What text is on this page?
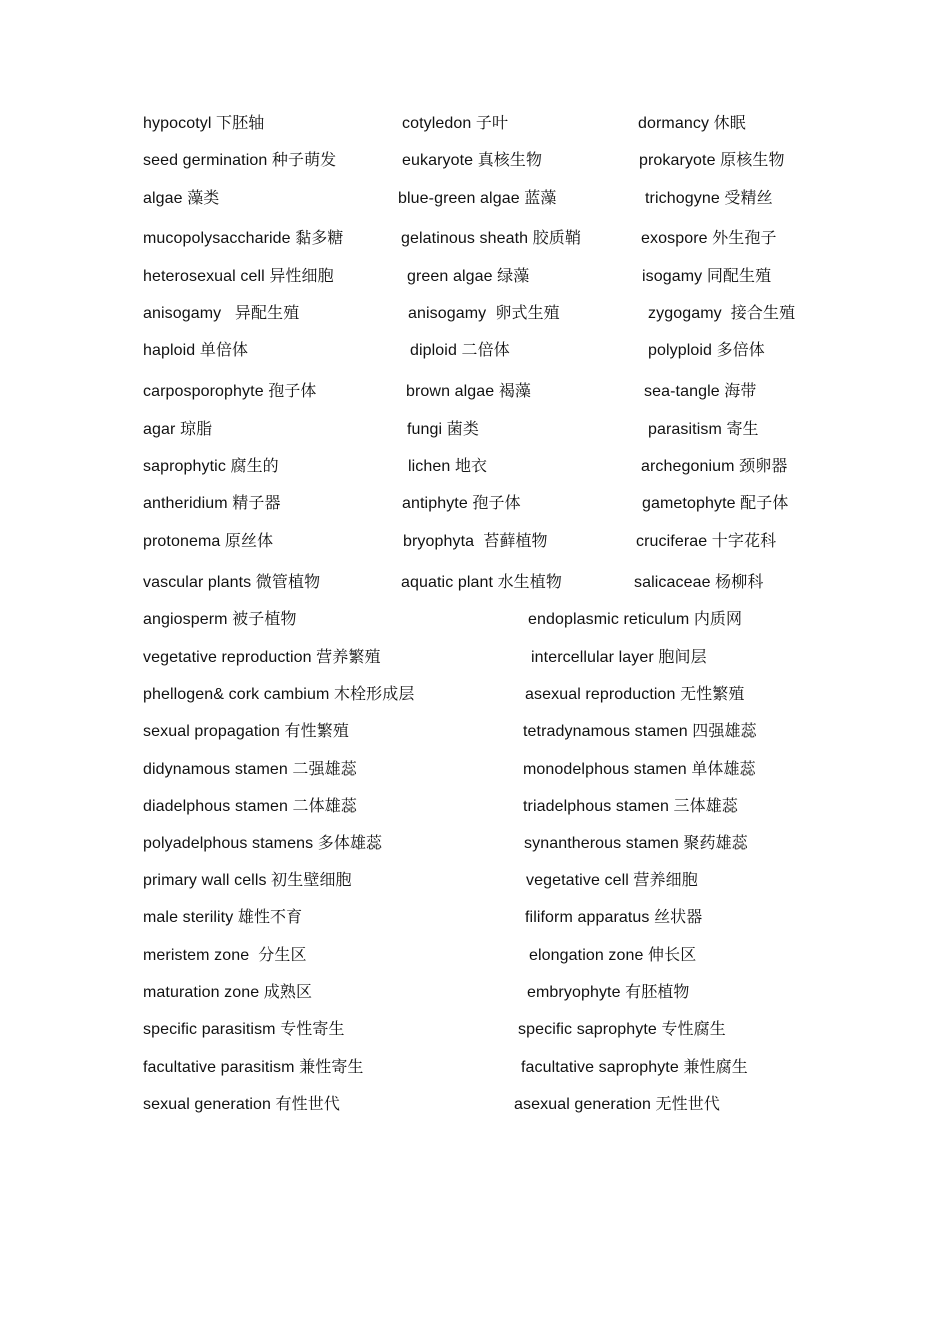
hypocotyl 下胚轴	cotyledon 子叶	dormancy 休眠
seed germination 种子萌发	eukaryote 真核生物	prokaryote 原核生物
algae 藻类	blue-green algae 蓝藻	trichogyne 受精丝
mucopolysaccharide 黏多糖	gelatinous sheath 胶质鞘	exospore 外生孢子
heterosexual cell 异性细胞	green algae 绿藻	isogamy 同配生殖
anisogamy   异配生殖	anisogamy  卵式生殖	zygogamy  接合生殖
haploid 单倍体	diploid 二倍体	polyploid 多倍体
carposporophyte 孢子体	brown algae 褐藻	sea-tangle 海带
agar 琼脂	fungi 菌类	parasitism 寄生
saprophytic 腐生的	lichen 地衣	archegonium 颈卵器
antheridium 精子器	antiphyte 孢子体	gametophyte 配子体
protonema 原丝体	bryophyta  苔藓植物	cruciferae 十字花科
vascular plants 微管植物	aquatic plant 水生植物	salicaceae 杨柳科
angiosperm 被子植物	endoplasmic reticulum 内质网
vegetative reproduction 营养繁殖	intercellular layer 胞间层
phellogen& cork cambium 木栓形成层	asexual reproduction 无性繁殖
sexual propagation 有性繁殖	tetradynamous stamen 四强雄蕊
didynamous stamen 二强雄蕊	monodelphous stamen 单体雄蕊
diadelphous stamen 二体雄蕊	triadelphous stamen 三体雄蕊
polyadelphous stamens 多体雄蕊	synantherous stamen 聚药雄蕊
primary wall cells 初生壁细胞	vegetative cell 营养细胞
male sterility 雄性不育	filiform apparatus 丝状器
meristem zone  分生区	elongation zone 伸长区
maturation zone 成熟区	embryophyte 有胚植物
specific parasitism 专性寄生	specific saprophyte 专性腐生
facultative parasitism 兼性寄生	facultative saprophyte 兼性腐生
sexual generation 有性世代	asexual generation 无性世代
